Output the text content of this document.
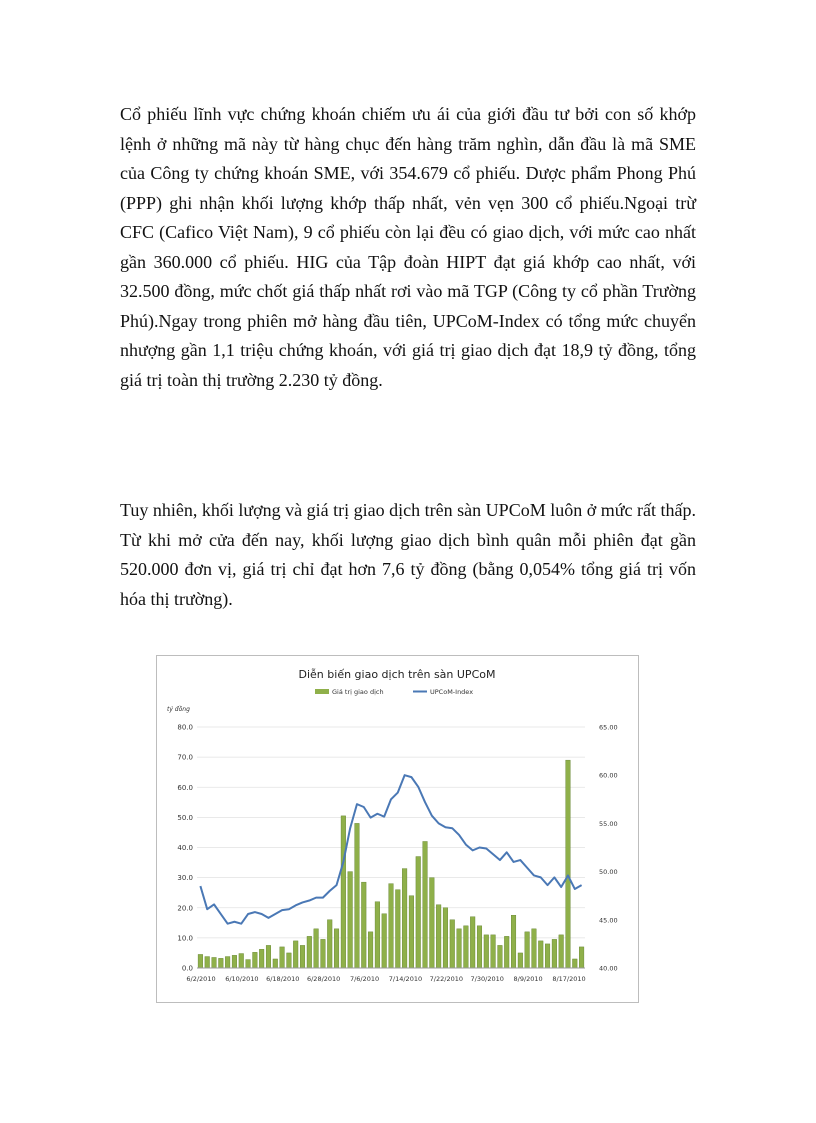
Cổ phiếu lĩnh vực chứng khoán chiếm ưu ái của giới đầu tư bởi con số khớp lệnh ở những mã này từ hàng chục đến hàng trăm nghìn, dẫn đầu là mã SME của Công ty chứng khoán SME, với 354.679 cổ phiếu. Dược phẩm Phong Phú (PPP) ghi nhận khối lượng khớp thấp nhất, vẻn vẹn 300 cổ phiếu.Ngoại trừ CFC (Cafico Việt Nam), 9 cổ phiếu còn lại đều có giao dịch, với mức cao nhất gần 360.000 cổ phiếu. HIG của Tập đoàn HIPT đạt giá khớp cao nhất, với 32.500 đồng, mức chốt giá thấp nhất rơi vào mã TGP (Công ty cổ phần Trường Phú).Ngay trong phiên mở hàng đầu tiên, UPCoM-Index có tổng mức chuyển nhượng gần 1,1 triệu chứng khoán, với giá trị giao dịch đạt 18,9 tỷ đồng, tổng giá trị toàn thị trường 2.230 tỷ đồng.

Tuy nhiên, khối lượng và giá trị giao dịch trên sàn UPCoM luôn ở mức rất thấp. Từ khi mở cửa đến nay, khối lượng giao dịch bình quân mỗi phiên đạt gần 520.000 đơn vị, giá trị chỉ đạt hơn 7,6 tỷ đồng (bằng 0,054% tổng giá trị vốn hóa thị trường).

Diễn biến giao dịch trên sàn UPCoM
Giá trị giao dịch	UPCoM-Index
tỷ đồng
0.0
10.0
20.0
30.0
40.0
50.0
60.0
70.0
80.0
40.00
45.00
50.00
55.00
60.00
65.00
6/2/2010 6/10/2010 6/18/2010 6/28/2010 7/6/2010 7/14/2010 7/22/2010 7/30/2010 8/9/2010 8/17/2010
